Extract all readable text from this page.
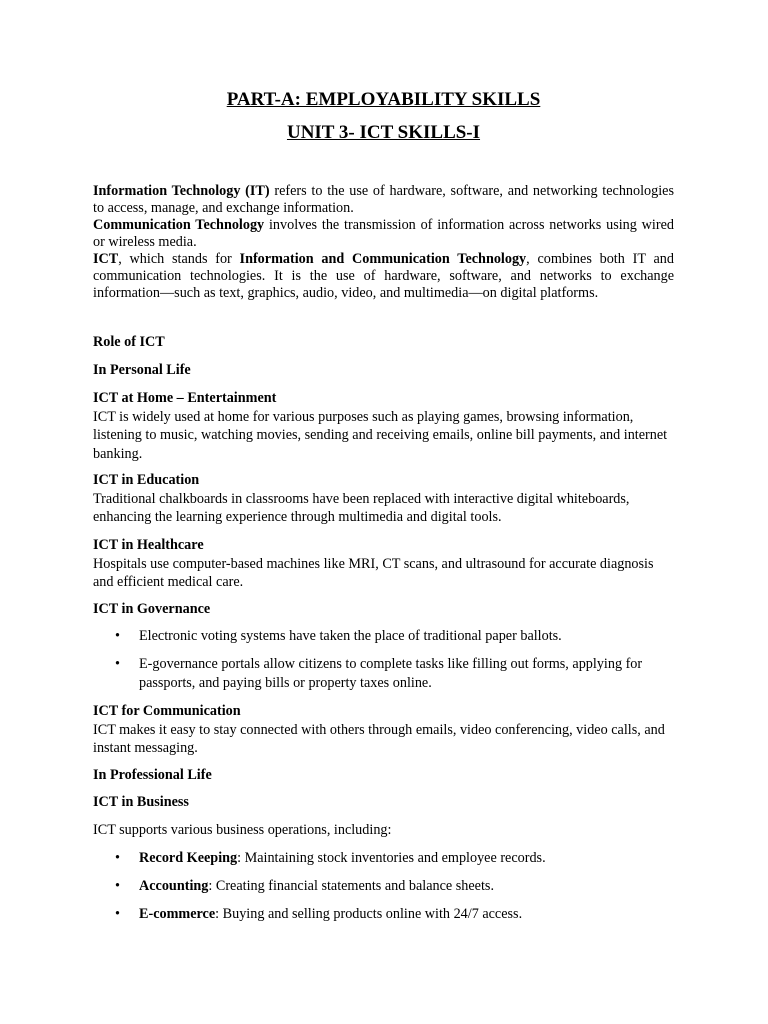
PART-A: EMPLOYABILITY SKILLS
UNIT 3- ICT SKILLS-I

Information Technology (IT) refers to the use of hardware, software, and networking technologies to access, manage, and exchange information.

Communication Technology involves the transmission of information across networks using wired or wireless media.

ICT, which stands for Information and Communication Technology, combines both IT and communication technologies. It is the use of hardware, software, and networks to exchange information—such as text, graphics, audio, video, and multimedia—on digital platforms.

Role of ICT
In Personal Life

ICT at Home – Entertainment

ICT is widely used at home for various purposes such as playing games, browsing information, listening to music, watching movies, sending and receiving emails, online bill payments, and internet banking.

ICT in Education

Traditional chalkboards in classrooms have been replaced with interactive digital whiteboards, enhancing the learning experience through multimedia and digital tools.

ICT in Healthcare

Hospitals use computer-based machines like MRI, CT scans, and ultrasound for accurate diagnosis and efficient medical care.

ICT in Governance
• Electronic voting systems have taken the place of traditional paper ballots.
• E-governance portals allow citizens to complete tasks like filling out forms, applying for passports, and paying bills or property taxes online.

ICT for Communication

ICT makes it easy to stay connected with others through emails, video conferencing, video calls, and instant messaging.

In Professional Life
ICT in Business
ICT supports various business operations, including:
• Record Keeping: Maintaining stock inventories and employee records.
• Accounting: Creating financial statements and balance sheets.
• E-commerce: Buying and selling products online with 24/7 access.
